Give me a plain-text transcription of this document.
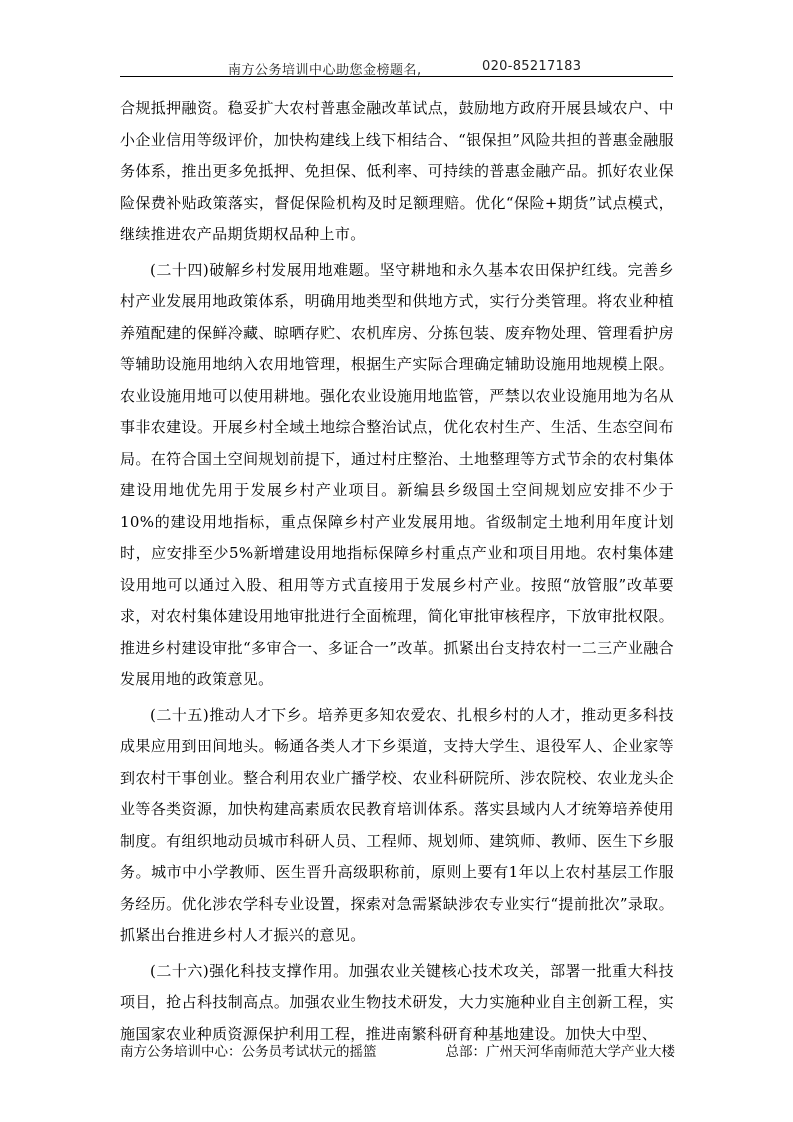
南方公务培训中心助您金榜题名,	020-85217183

合规抵押融资。稳妥扩大农村普惠金融改革试点，鼓励地方政府开展县域农户、中小企业信用等级评价，加快构建线上线下相结合、“银保担”风险共担的普惠金融服务体系，推出更多免抵押、免担保、低利率、可持续的普惠金融产品。抓好农业保险保费补贴政策落实，督促保险机构及时足额理赔。优化“保险+期货”试点模式，继续推进农产品期货期权品种上市。

(二十四)破解乡村发展用地难题。坚守耕地和永久基本农田保护红线。完善乡村产业发展用地政策体系，明确用地类型和供地方式，实行分类管理。将农业种植养殖配建的保鲜冷藏、晾晒存贮、农机库房、分拣包装、废弃物处理、管理看护房等辅助设施用地纳入农用地管理，根据生产实际合理确定辅助设施用地规模上限。农业设施用地可以使用耕地。强化农业设施用地监管，严禁以农业设施用地为名从事非农建设。开展乡村全域土地综合整治试点，优化农村生产、生活、生态空间布局。在符合国土空间规划前提下，通过村庄整治、土地整理等方式节余的农村集体建设用地优先用于发展乡村产业项目。新编县乡级国土空间规划应安排不少于10%的建设用地指标，重点保障乡村产业发展用地。省级制定土地利用年度计划时，应安排至少5%新增建设用地指标保障乡村重点产业和项目用地。农村集体建设用地可以通过入股、租用等方式直接用于发展乡村产业。按照“放管服”改革要求，对农村集体建设用地审批进行全面梳理，简化审批审核程序，下放审批权限。推进乡村建设审批“多审合一、多证合一”改革。抓紧出台支持农村一二三产业融合发展用地的政策意见。

(二十五)推动人才下乡。培养更多知农爱农、扎根乡村的人才，推动更多科技成果应用到田间地头。畅通各类人才下乡渠道，支持大学生、退役军人、企业家等到农村干事创业。整合利用农业广播学校、农业科研院所、涉农院校、农业龙头企业等各类资源，加快构建高素质农民教育培训体系。落实县域内人才统筹培养使用制度。有组织地动员城市科研人员、工程师、规划师、建筑师、教师、医生下乡服务。城市中小学教师、医生晋升高级职称前，原则上要有1年以上农村基层工作服务经历。优化涉农学科专业设置，探索对急需紧缺涉农专业实行“提前批次”录取。抓紧出台推进乡村人才振兴的意见。

(二十六)强化科技支撑作用。加强农业关键核心技术攻关，部署一批重大科技项目，抢占科技制高点。加强农业生物技术研发，大力实施种业自主创新工程，实施国家农业种质资源保护利用工程，推进南繁科研育种基地建设。加快大中型、

南方公务培训中心：公务员考试状元的摇篮	总部：广州天河华南师范大学产业大楼
